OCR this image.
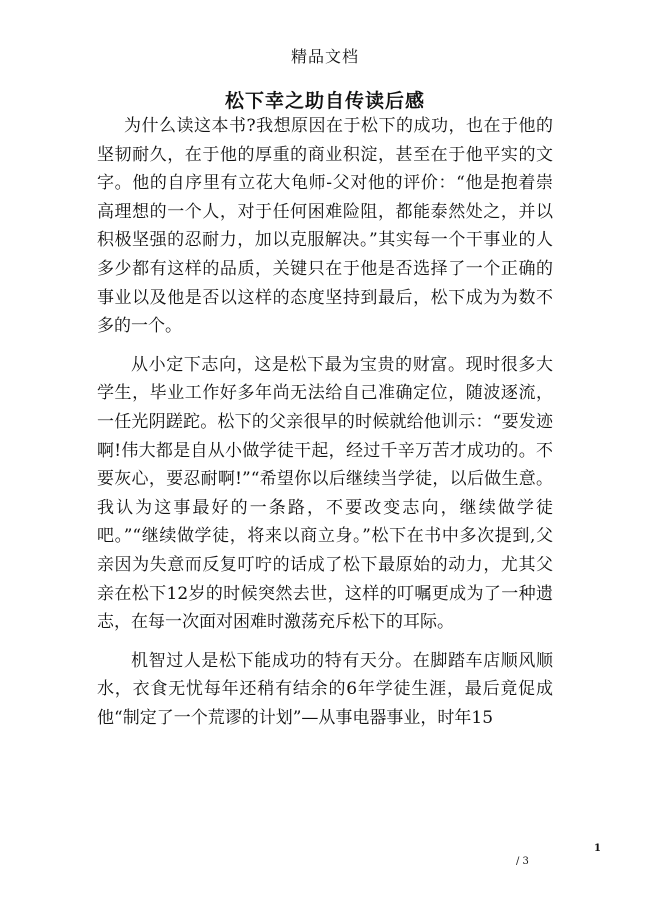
精品文档
松下幸之助自传读后感

为什么读这本书?我想原因在于松下的成功，也在于他的坚韧耐久，在于他的厚重的商业积淀，甚至在于他平实的文字。他的自序里有立花大龟师-父对他的评价：“他是抱着崇高理想的一个人，对于任何困难险阻，都能泰然处之，并以积极坚强的忍耐力，加以克服解决。”其实每一个干事业的人多少都有这样的品质，关键只在于他是否选择了一个正确的事业以及他是否以这样的态度坚持到最后，松下成为为数不多的一个。

从小定下志向，这是松下最为宝贵的财富。现时很多大学生，毕业工作好多年尚无法给自己准确定位，随波逐流，一任光阴蹉跎。松下的父亲很早的时候就给他训示：“要发迹啊!伟大都是自从小做学徒干起，经过千辛万苦才成功的。不要灰心，要忍耐啊!”“希望你以后继续当学徒，以后做生意。我认为这事最好的一条路，不要改变志向，继续做学徒吧。”“继续做学徒，将来以商立身。”松下在书中多次提到,父亲因为失意而反复叮咛的话成了松下最原始的动力，尤其父亲在松下12岁的时候突然去世，这样的叮嘱更成为了一种遗志，在每一次面对困难时激荡充斥松下的耳际。

机智过人是松下能成功的特有天分。在脚踏车店顺风顺水，衣食无忧每年还稍有结余的6年学徒生涯，最后竟促成他“制定了一个荒谬的计划”—从事电器事业，时年15

1
/ 3
